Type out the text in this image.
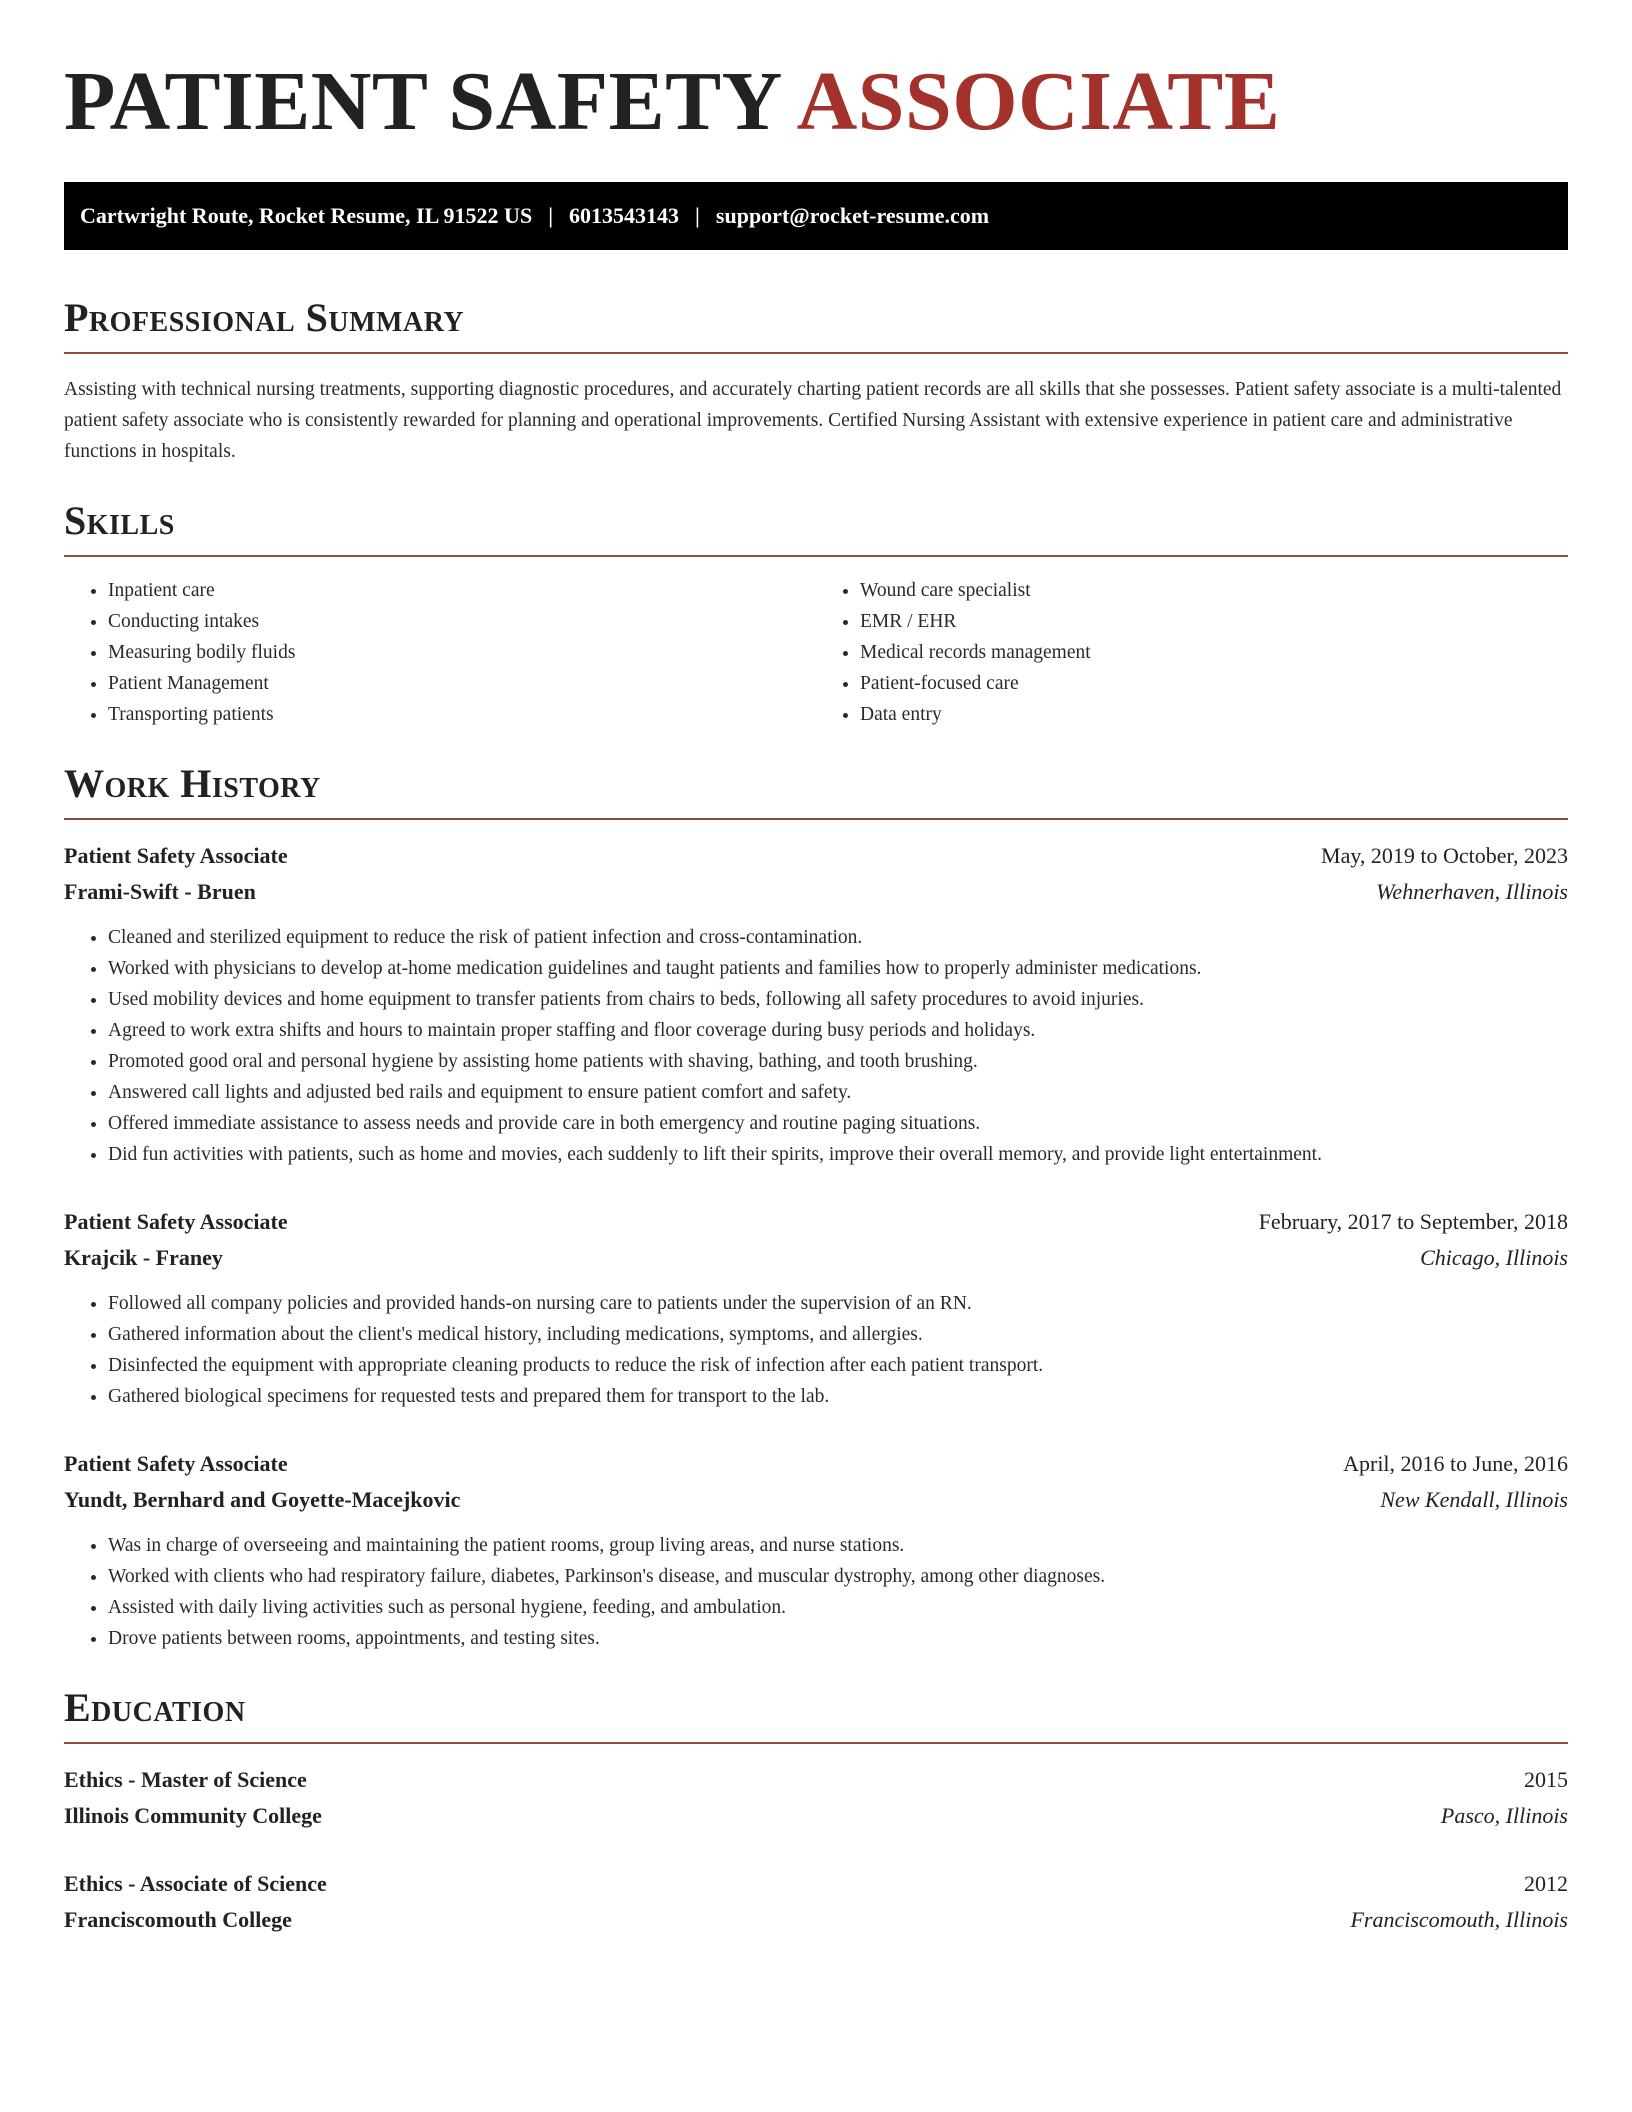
PATIENT SAFETY ASSOCIATE
Cartwright Route, Rocket Resume, IL 91522 US | 6013543143 | support@rocket-resume.com
Professional Summary

Assisting with technical nursing treatments, supporting diagnostic procedures, and accurately charting patient records are all skills that she possesses. Patient safety associate is a multi-talented patient safety associate who is consistently rewarded for planning and operational improvements. Certified Nursing Assistant with extensive experience in patient care and administrative functions in hospitals.

Skills
• Inpatient care
• Conducting intakes
• Measuring bodily fluids
• Patient Management
• Transporting patients
• Wound care specialist
• EMR / EHR
• Medical records management
• Patient-focused care
• Data entry
Work History
Patient Safety Associate	May, 2019 to October, 2023
Frami-Swift - Bruen	Wehnerhaven, Illinois
• Cleaned and sterilized equipment to reduce the risk of patient infection and cross-contamination.
• Worked with physicians to develop at-home medication guidelines and taught patients and families how to properly administer medications.
• Used mobility devices and home equipment to transfer patients from chairs to beds, following all safety procedures to avoid injuries.
• Agreed to work extra shifts and hours to maintain proper staffing and floor coverage during busy periods and holidays.
• Promoted good oral and personal hygiene by assisting home patients with shaving, bathing, and tooth brushing.
• Answered call lights and adjusted bed rails and equipment to ensure patient comfort and safety.
• Offered immediate assistance to assess needs and provide care in both emergency and routine paging situations.
• Did fun activities with patients, such as home and movies, each suddenly to lift their spirits, improve their overall memory, and provide light entertainment.
Patient Safety Associate	February, 2017 to September, 2018
Krajcik - Franey	Chicago, Illinois
• Followed all company policies and provided hands-on nursing care to patients under the supervision of an RN.
• Gathered information about the client's medical history, including medications, symptoms, and allergies.
• Disinfected the equipment with appropriate cleaning products to reduce the risk of infection after each patient transport.
• Gathered biological specimens for requested tests and prepared them for transport to the lab.
Patient Safety Associate	April, 2016 to June, 2016
Yundt, Bernhard and Goyette-Macejkovic	New Kendall, Illinois
• Was in charge of overseeing and maintaining the patient rooms, group living areas, and nurse stations.
• Worked with clients who had respiratory failure, diabetes, Parkinson's disease, and muscular dystrophy, among other diagnoses.
• Assisted with daily living activities such as personal hygiene, feeding, and ambulation.
• Drove patients between rooms, appointments, and testing sites.
Education
Ethics - Master of Science	2015
Illinois Community College	Pasco, Illinois
Ethics - Associate of Science	2012
Franciscomouth College	Franciscomouth, Illinois
